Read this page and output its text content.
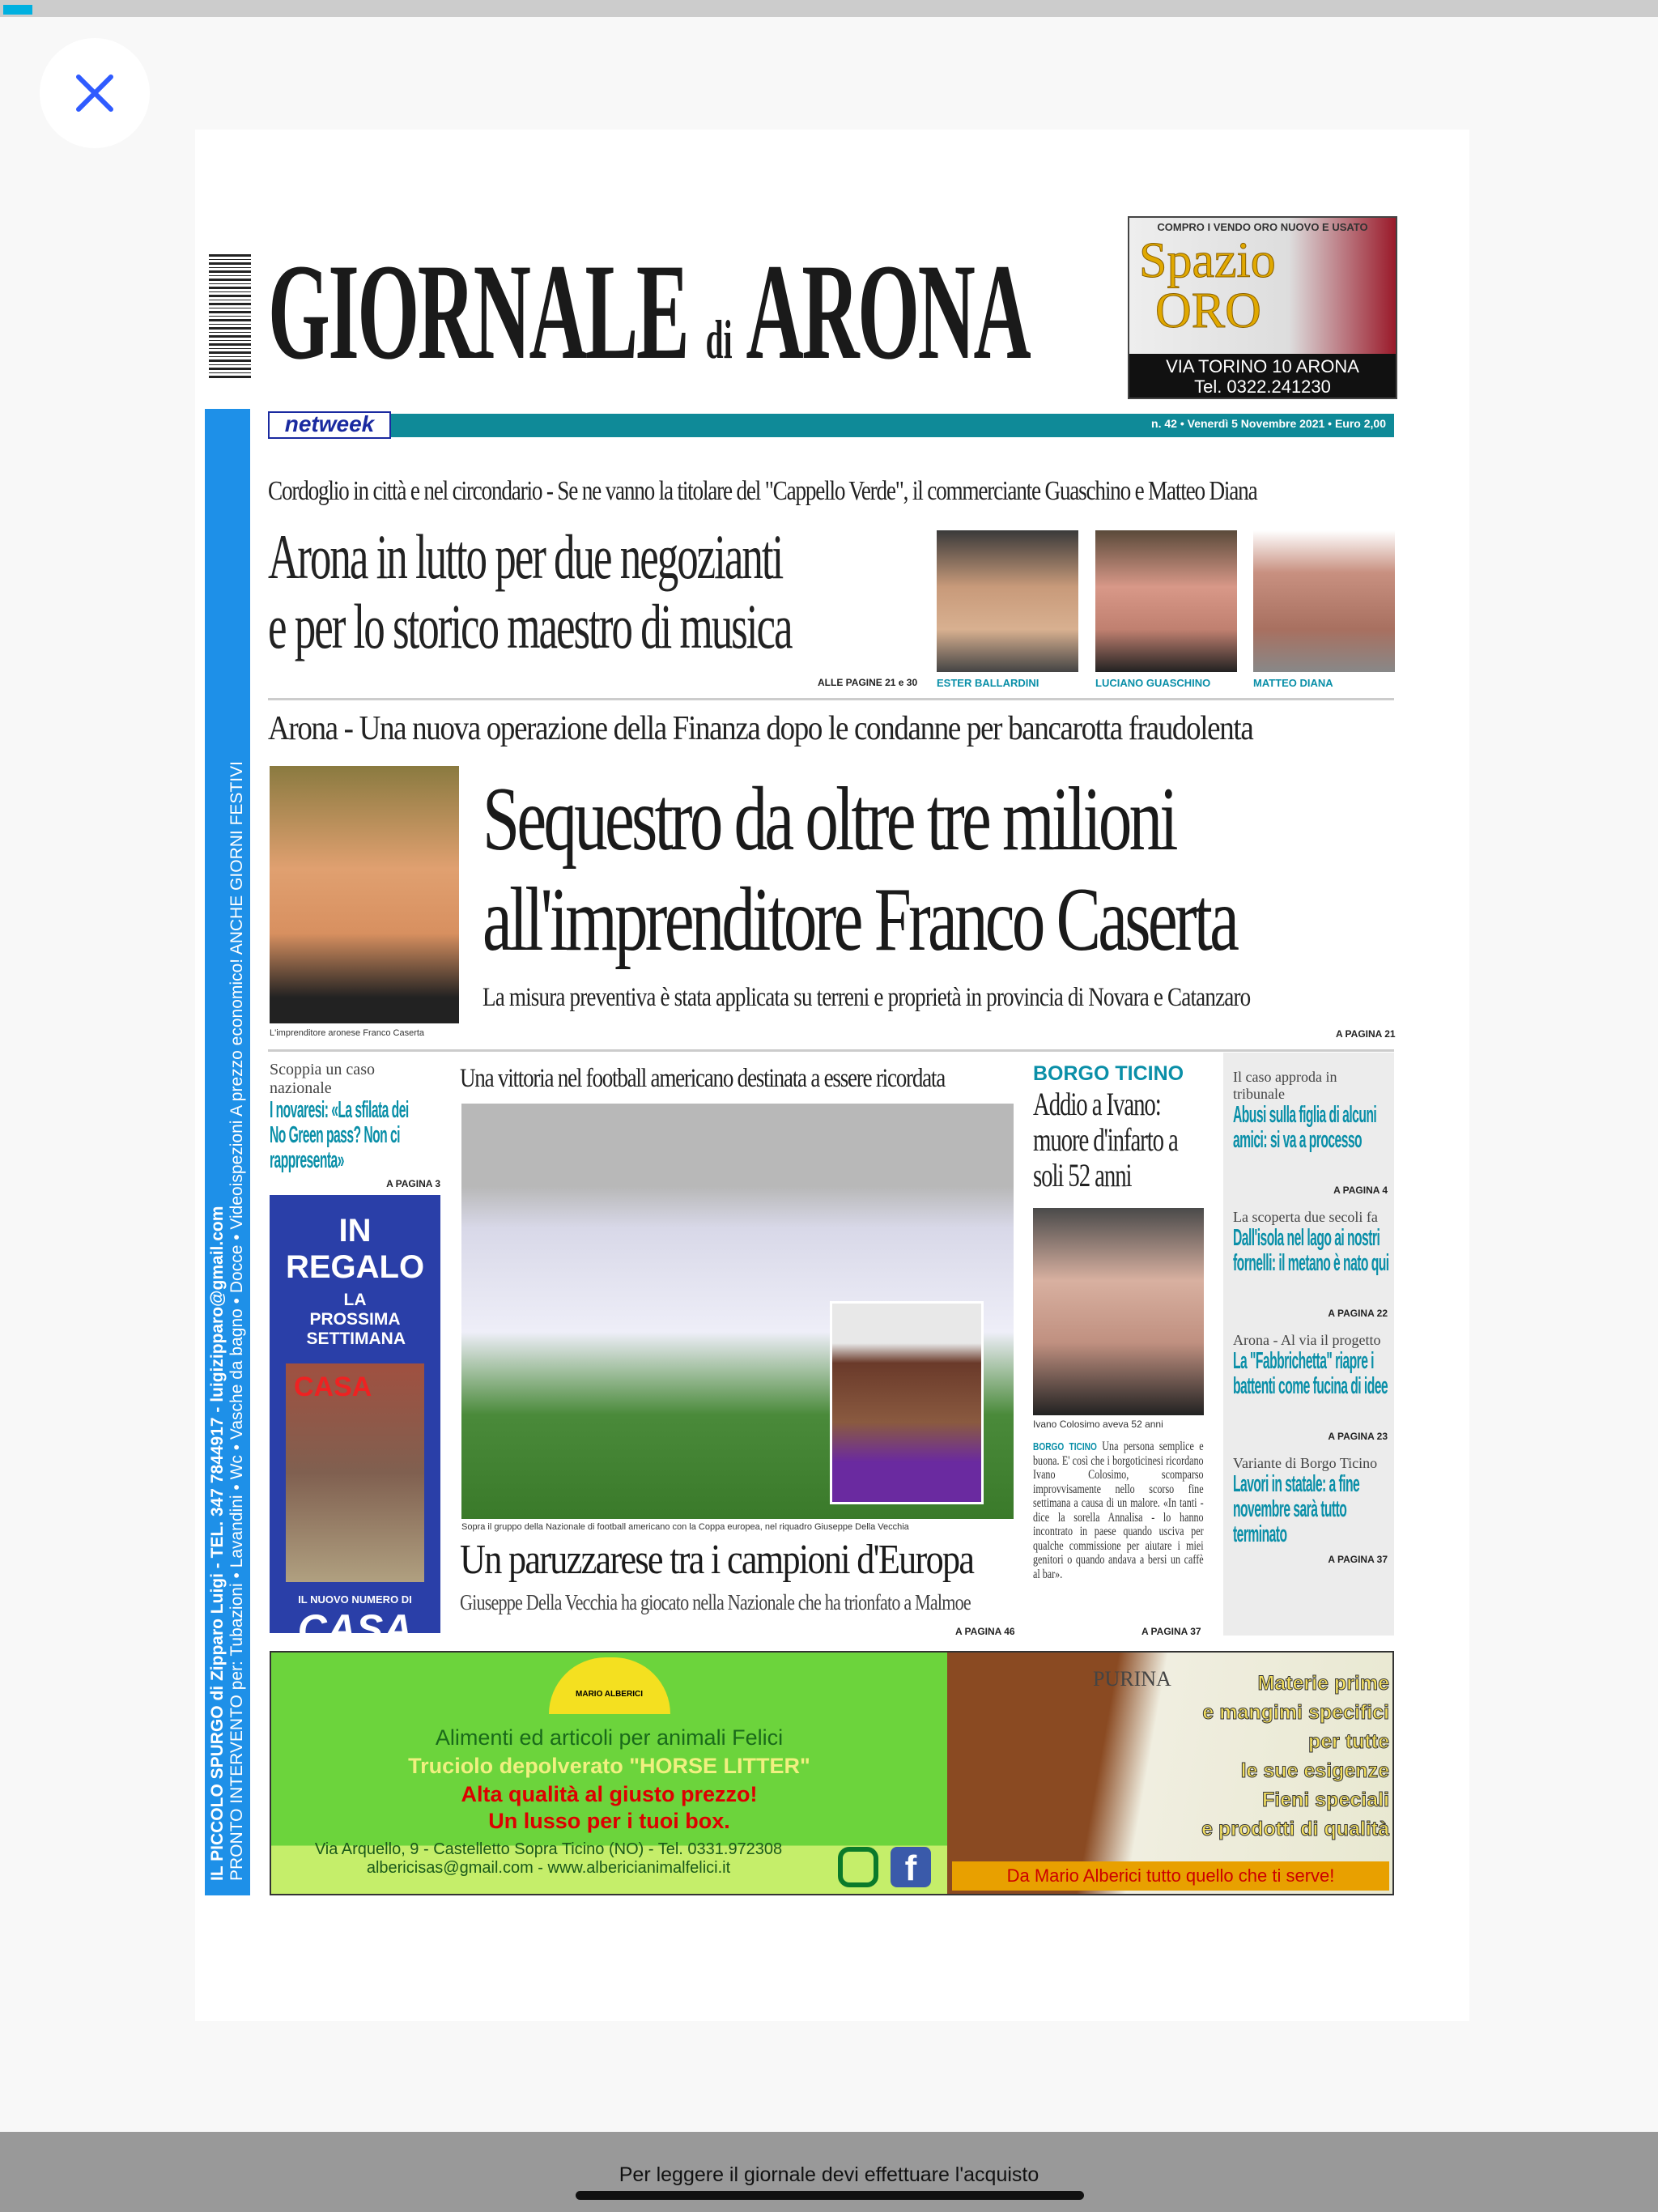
GIORNALE di ARONA
COMPRO I VENDO ORO NUOVO E USATO
Spazio
ORO
VIA TORINO 10 ARONA
Tel. 0322.241230
IL PICCOLO SPURGO di Zipparo Luigi - TEL. 347 7844917 - luigizipparo@gmail.com PRONTO INTERVENTO per: Tubazioni • Lavandini • Wc • Vasche da bagno • Docce • Videoispezioni A prezzo economico! ANCHE GIORNI FESTIVI
n. 42 • Venerdì 5 Novembre 2021 • Euro 2,00
netweek
Cordoglio in città e nel circondario - Se ne vanno la titolare del "Cappello Verde", il commerciante Guaschino e Matteo Diana
Arona in lutto per due negozianti
e per lo storico maestro di musica
ALLE PAGINE 21 e 30 ESTER BALLARDINI	LUCIANO GUASCHINO	MATTEO DIANA
Arona - Una nuova operazione della Finanza dopo le condanne per bancarotta fraudolenta
L'imprenditore aronese Franco Caserta
Sequestro da oltre tre milioni
all'imprenditore Franco Caserta
La misura preventiva è stata applicata su terreni e proprietà in provincia di Novara e Catanzaro
A PAGINA 21
Scoppia un caso nazionale
I novaresi: «La sfilata dei No Green pass? Non ci rappresenta»
A PAGINA 3
IN REGALO
LA PROSSIMA SETTIMANA
CASA
IL NUOVO NUMERO DI
CASA
Una vittoria nel football americano destinata a essere ricordata
Sopra il gruppo della Nazionale di football americano con la Coppa europea, nel riquadro Giuseppe Della Vecchia
Un paruzzarese tra i campioni d'Europa
Giuseppe Della Vecchia ha giocato nella Nazionale che ha trionfato a Malmoe
A PAGINA 46
BORGO TICINO
Addio a Ivano: muore d'infarto a soli 52 anni
Ivano Colosimo aveva 52 anni
BORGO TICINO Una persona semplice e buona. E' così che i borgoticinesi ricordano Ivano Colosimo, scomparso improvvisamente nello scorso fine settimana a causa di un malore. «In tanti - dice la sorella Annalisa - lo hanno incontrato in paese quando usciva per qualche commissione per aiutare i miei genitori o quando andava a bersi un caffè al bar».
A PAGINA 37
Il caso approda in tribunale
Abusi sulla figlia di alcuni amici: si va a processo
A PAGINA 4
La scoperta due secoli fa
Dall'isola nel lago ai nostri fornelli: il metano è nato qui
A PAGINA 22
Arona - Al via il progetto
La "Fabbrichetta" riapre i battenti come fucina di idee
A PAGINA 23
Variante di Borgo Ticino
Lavori in statale: a fine novembre sarà tutto terminato
A PAGINA 37
MARIO ALBERICI
Alimenti ed articoli per animali Felici
Truciolo depolverato "HORSE LITTER"
Alta qualità al giusto prezzo!
Un lusso per i tuoi box.
Via Arquello, 9 - Castelletto Sopra Ticino (NO) - Tel. 0331.972308
albericisas@gmail.com - www.albericianimalfelici.it	f
PURINA	Materie prime
e mangimi specifici
per tutte
le sue esigenze
Fieni speciali
e prodotti di qualità
Da Mario Alberici tutto quello che ti serve!
Per leggere il giornale devi effettuare l'acquisto
